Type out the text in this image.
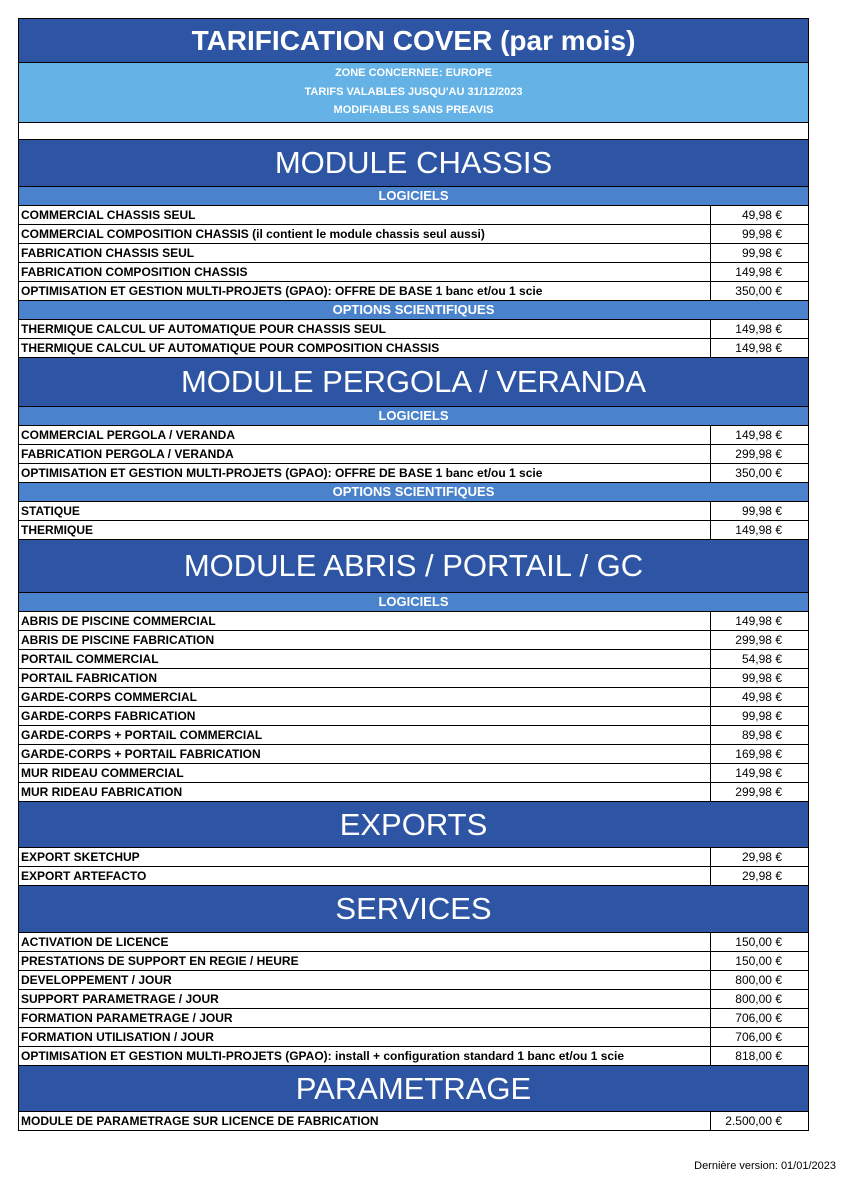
TARIFICATION COVER (par mois)
ZONE CONCERNEE: EUROPE
TARIFS VALABLES JUSQU'AU 31/12/2023
MODIFIABLES SANS PREAVIS
MODULE CHASSIS
LOGICIELS
COMMERCIAL CHASSIS SEUL	49,98 €
COMMERCIAL COMPOSITION CHASSIS (il contient le module chassis seul aussi)	99,98 €
FABRICATION CHASSIS SEUL	99,98 €
FABRICATION COMPOSITION CHASSIS	149,98 €
OPTIMISATION ET GESTION MULTI-PROJETS (GPAO): OFFRE DE BASE 1 banc et/ou 1 scie	350,00 €
OPTIONS SCIENTIFIQUES
THERMIQUE CALCUL UF AUTOMATIQUE POUR CHASSIS SEUL	149,98 €
THERMIQUE CALCUL UF AUTOMATIQUE POUR COMPOSITION CHASSIS	149,98 €
MODULE PERGOLA / VERANDA
LOGICIELS
COMMERCIAL PERGOLA / VERANDA	149,98 €
FABRICATION PERGOLA / VERANDA	299,98 €
OPTIMISATION ET GESTION MULTI-PROJETS (GPAO): OFFRE DE BASE 1 banc et/ou 1 scie	350,00 €
OPTIONS SCIENTIFIQUES
STATIQUE	99,98 €
THERMIQUE	149,98 €
MODULE ABRIS / PORTAIL / GC
LOGICIELS
ABRIS DE PISCINE COMMERCIAL	149,98 €
ABRIS DE PISCINE FABRICATION	299,98 €
PORTAIL COMMERCIAL	54,98 €
PORTAIL FABRICATION	99,98 €
GARDE-CORPS COMMERCIAL	49,98 €
GARDE-CORPS FABRICATION	99,98 €
GARDE-CORPS + PORTAIL COMMERCIAL	89,98 €
GARDE-CORPS + PORTAIL FABRICATION	169,98 €
MUR RIDEAU COMMERCIAL	149,98 €
MUR RIDEAU FABRICATION	299,98 €
EXPORTS
EXPORT SKETCHUP	29,98 €
EXPORT ARTEFACTO	29,98 €
SERVICES
ACTIVATION DE LICENCE	150,00 €
PRESTATIONS DE SUPPORT EN REGIE / HEURE	150,00 €
DEVELOPPEMENT / JOUR	800,00 €
SUPPORT PARAMETRAGE / JOUR	800,00 €
FORMATION PARAMETRAGE / JOUR	706,00 €
FORMATION UTILISATION / JOUR	706,00 €
OPTIMISATION ET GESTION MULTI-PROJETS (GPAO): install + configuration standard 1 banc et/ou 1 scie	818,00 €
PARAMETRAGE
MODULE DE PARAMETRAGE SUR LICENCE DE FABRICATION	2.500,00 €
Dernière version: 01/01/2023
